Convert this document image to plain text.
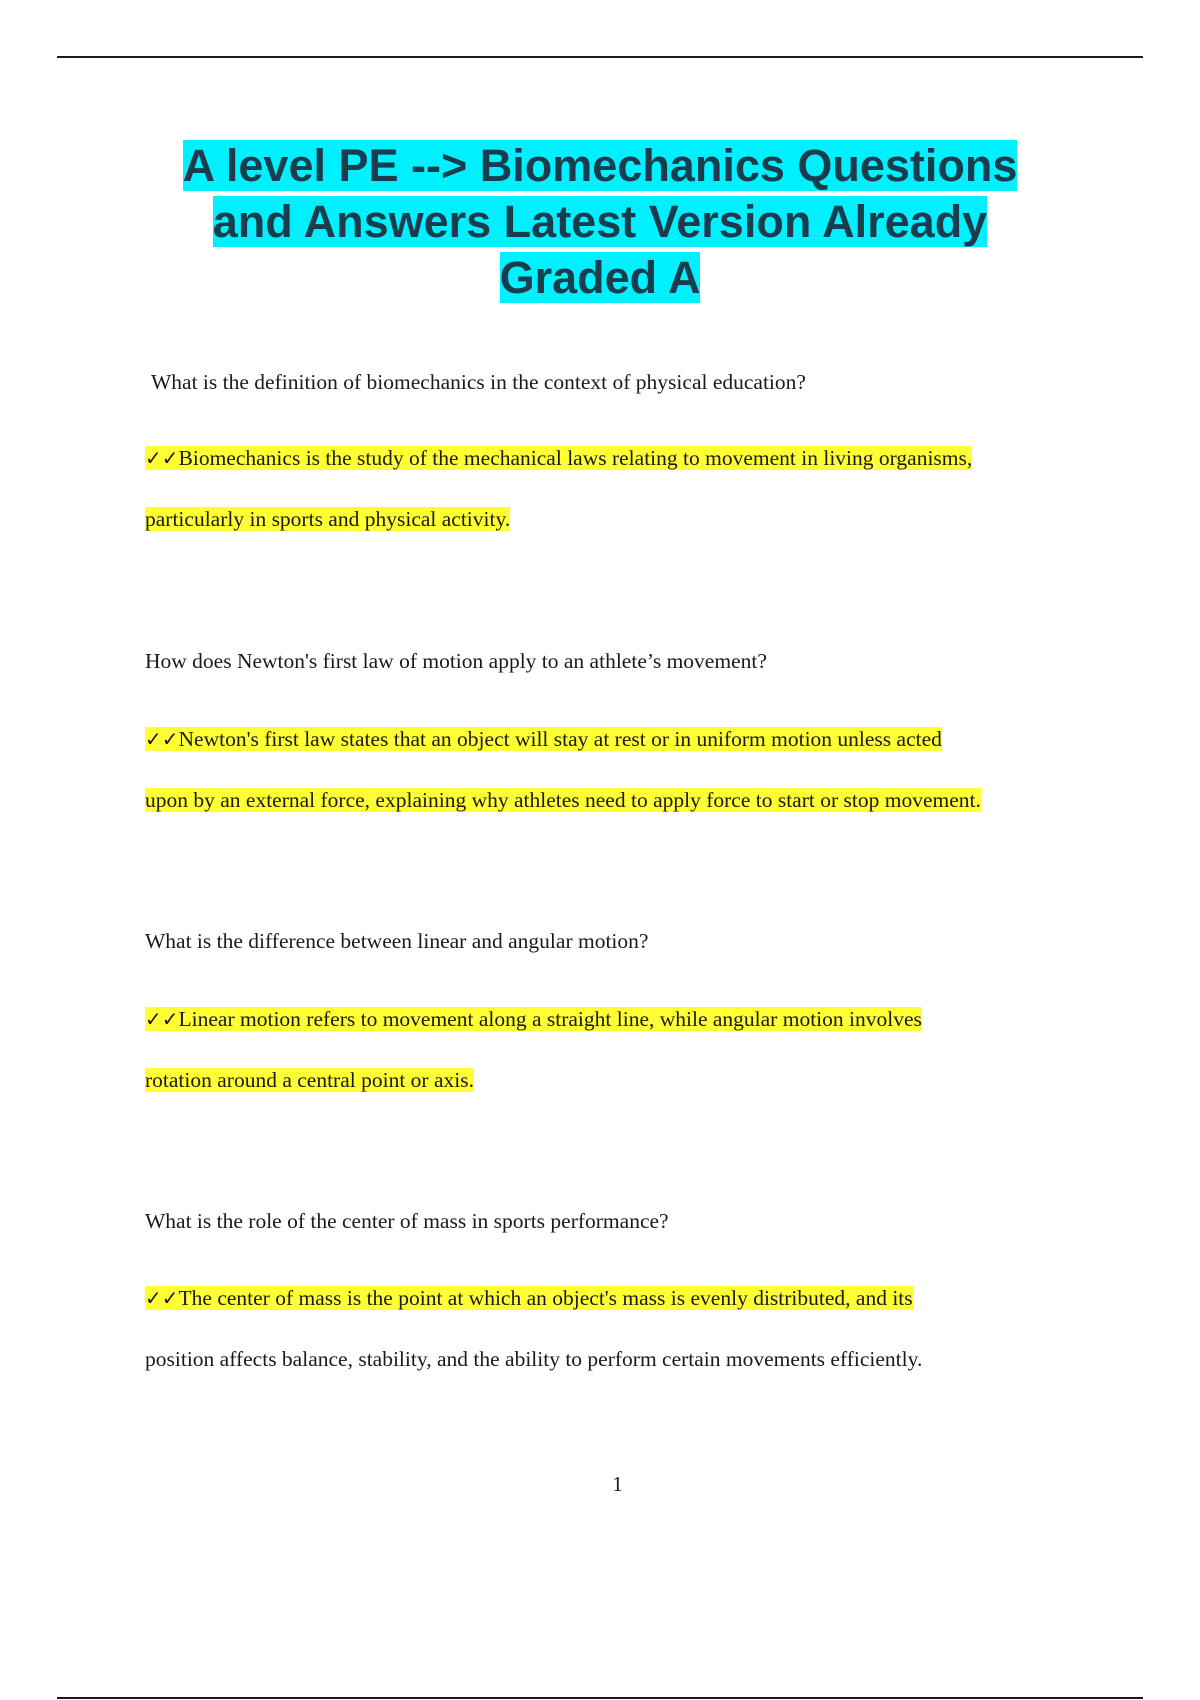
A level PE --> Biomechanics Questions
and Answers Latest Version Already
Graded A
What is the definition of biomechanics in the context of physical education?
✓✓Biomechanics is the study of the mechanical laws relating to movement in living organisms,
particularly in sports and physical activity.
How does Newton's first law of motion apply to an athlete’s movement?
✓✓Newton's first law states that an object will stay at rest or in uniform motion unless acted
upon by an external force, explaining why athletes need to apply force to start or stop movement.
What is the difference between linear and angular motion?
✓✓Linear motion refers to movement along a straight line, while angular motion involves
rotation around a central point or axis.
What is the role of the center of mass in sports performance?
✓✓The center of mass is the point at which an object's mass is evenly distributed, and its
position affects balance, stability, and the ability to perform certain movements efficiently.
1
